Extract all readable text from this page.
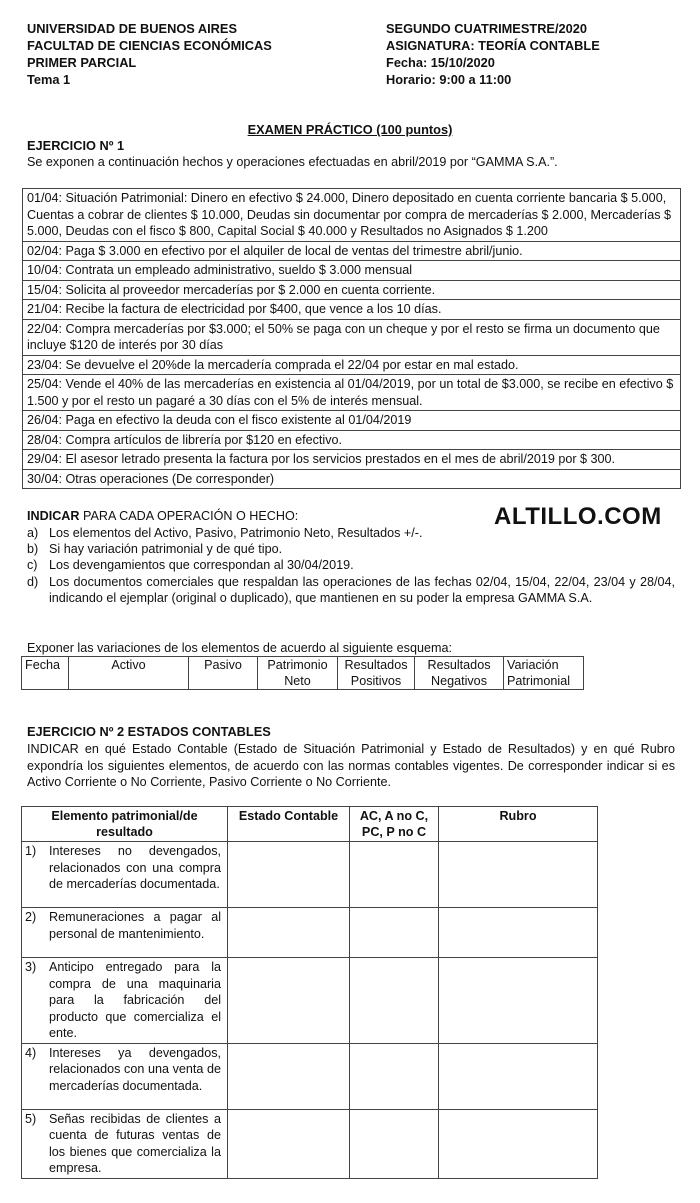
UNIVERSIDAD DE BUENOS AIRES
FACULTAD DE CIENCIAS ECONÓMICAS
PRIMER PARCIAL
Tema 1
SEGUNDO CUATRIMESTRE/2020
ASIGNATURA: TEORÍA CONTABLE
Fecha: 15/10/2020
Horario: 9:00 a 11:00
EXAMEN PRÁCTICO (100 puntos)
EJERCICIO Nº 1
Se exponen a continuación hechos y operaciones efectuadas en abril/2019 por “GAMMA S.A.”.
01/04: Situación Patrimonial: Dinero en efectivo $ 24.000, Dinero depositado en cuenta corriente bancaria $ 5.000, Cuentas a cobrar de clientes $ 10.000, Deudas sin documentar por compra de mercaderías $ 2.000, Mercaderías $ 5.000, Deudas con el fisco $ 800, Capital Social $ 40.000 y Resultados no Asignados $ 1.200
02/04: Paga $ 3.000 en efectivo por el alquiler de local de ventas del trimestre abril/junio.
10/04: Contrata un empleado administrativo, sueldo $ 3.000 mensual
15/04: Solicita al proveedor mercaderías por $ 2.000 en cuenta corriente.
21/04: Recibe la factura de electricidad por $400, que vence a los 10 días.
22/04: Compra mercaderías por $3.000; el 50% se paga con un cheque y por el resto se firma un documento que incluye $120 de interés por 30 días
23/04: Se devuelve el 20%de la mercadería comprada el 22/04 por estar en mal estado.
25/04: Vende el 40% de las mercaderías en existencia al 01/04/2019, por un total de $3.000, se recibe en efectivo $ 1.500 y por el resto un pagaré a 30 días con el 5% de interés mensual.
26/04: Paga en efectivo la deuda con el fisco existente al 01/04/2019
28/04: Compra artículos de librería por $120 en efectivo.
29/04: El asesor letrado presenta la factura por los servicios prestados en el mes de abril/2019 por $ 300.
30/04: Otras operaciones (De corresponder)
ALTILLO.COM
INDICAR PARA CADA OPERACIÓN O HECHO:
a) Los elementos del Activo, Pasivo, Patrimonio Neto, Resultados +/-.
b) Si hay variación patrimonial y de qué tipo.
c) Los devengamientos que correspondan al 30/04/2019.
d) Los documentos comerciales que respaldan las operaciones de las fechas 02/04, 15/04, 22/04, 23/04 y 28/04, indicando el ejemplar (original o duplicado), que mantienen en su poder la empresa GAMMA S.A.
Exponer las variaciones de los elementos de acuerdo al siguiente esquema:
Fecha	Activo	Pasivo	Patrimonio Neto	Resultados Positivos	Resultados Negativos	Variación Patrimonial
EJERCICIO Nº 2 ESTADOS CONTABLES
INDICAR en qué Estado Contable (Estado de Situación Patrimonial y Estado de Resultados) y en qué Rubro expondría los siguientes elementos, de acuerdo con las normas contables vigentes. De corresponder indicar si es Activo Corriente o No Corriente, Pasivo Corriente o No Corriente.
Elemento patrimonial/de resultado	Estado Contable	AC, A no C, PC, P no C	Rubro

1) Intereses no devengados, relacionados con una compra de mercaderías documentada.			

2) Remuneraciones a pagar al personal de mantenimiento.			

3) Anticipo entregado para la compra de una maquinaria para la fabricación del producto que comercializa el ente.			

4) Intereses ya devengados, relacionados con una venta de mercaderías documentada.			

5) Señas recibidas de clientes a cuenta de futuras ventas de los bienes que comercializa la empresa.			
